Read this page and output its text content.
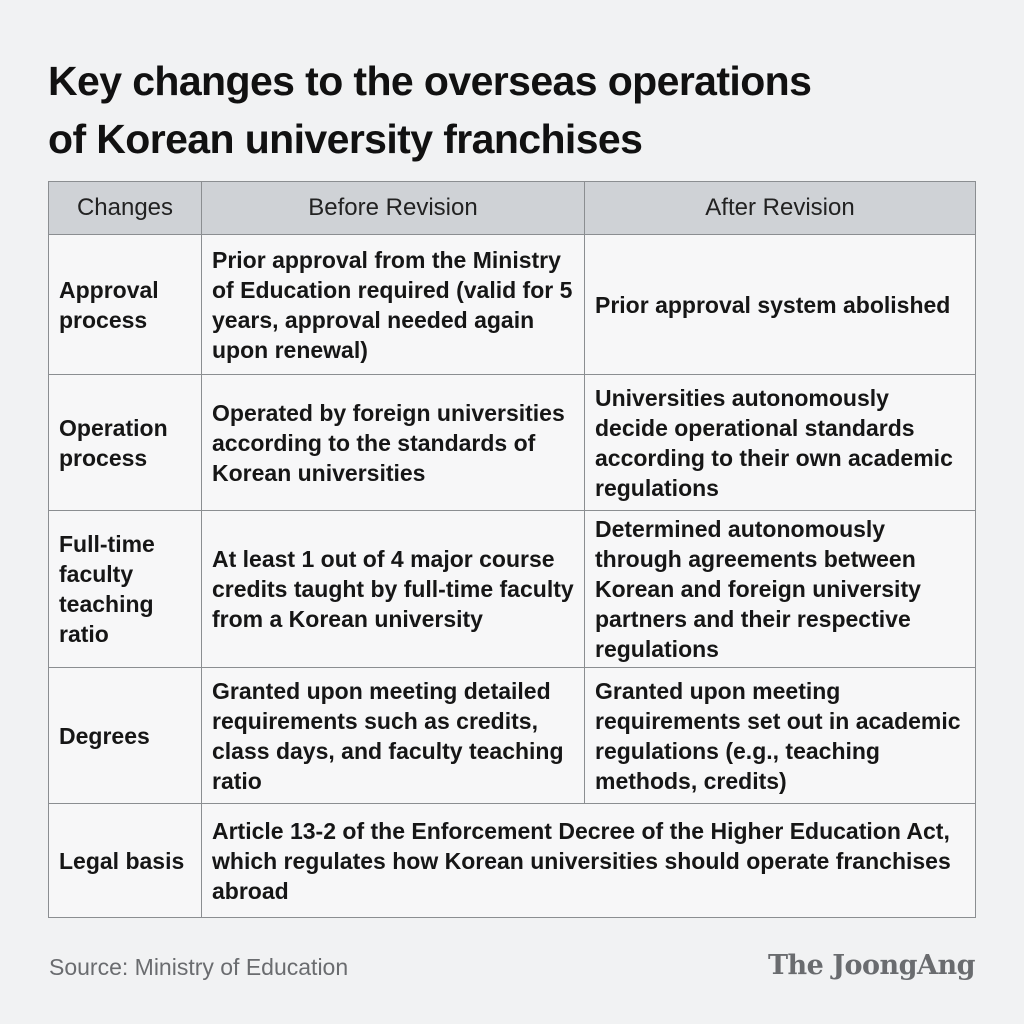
Key changes to the overseas operations
of Korean university franchises
Changes	Before Revision	After Revision
Approval process	Prior approval from the Ministry of Education required (valid for 5 years, approval needed again upon renewal)	Prior approval system abolished
Operation process	Operated by foreign universities according to the standards of Korean universities	Universities autonomously decide operational standards according to their own academic regulations
Full-time faculty teaching ratio	At least 1 out of 4 major course credits taught by full-time faculty from a Korean university	Determined autonomously through agreements between Korean and foreign university partners and their respective regulations
Degrees	Granted upon meeting detailed requirements such as credits, class days, and faculty teaching ratio	Granted upon meeting requirements set out in academic regulations (e.g., teaching methods, credits)
Legal basis	Article 13-2 of the Enforcement Decree of the Higher Education Act, which regulates how Korean universities should operate franchises abroad	
Source: Ministry of Education	The JoongAng
